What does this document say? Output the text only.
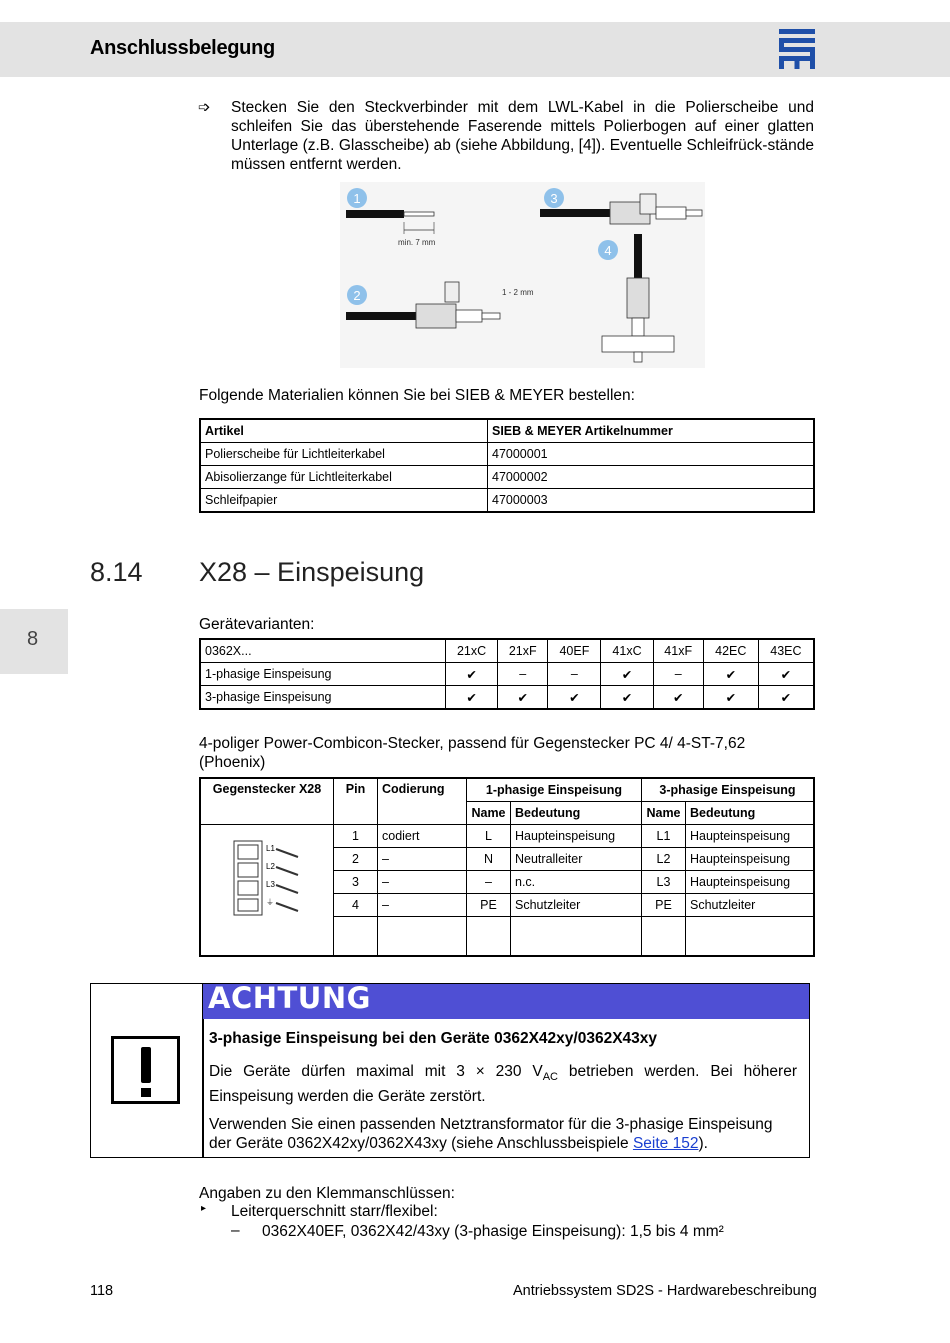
Anschlussbelegung
➩ Stecken Sie den Steckverbinder mit dem LWL-Kabel in die Polierscheibe und schleifen Sie das überstehende Faserende mittels Polierbogen auf einer glatten Unterlage (z.B. Glasscheibe) ab (siehe Abbildung, [4]). Eventuelle Schleifrück-stände müssen entfernt werden.
1
min. 7 mm
2	1 - 2 mm
3
4
Folgende Materialien können Sie bei SIEB & MEYER bestellen:
Artikel	SIEB & MEYER Artikelnummer
Polierscheibe für Lichtleiterkabel	47000001
Abisolierzange für Lichtleiterkabel	47000002
Schleifpapier	47000003
8.14 X28 – Einspeisung
8
Gerätevarianten:
0362X...	21xC	21xF	40EF	41xC	41xF	42EC	43EC
1-phasige Einspeisung	✔	–	–	✔	–	✔	✔
3-phasige Einspeisung	✔	✔	✔	✔	✔	✔	✔
4-poliger Power-Combicon-Stecker, passend für Gegenstecker PC 4/ 4-ST-7,62 (Phoenix)
Gegenstecker X28	Pin	Codierung	1-phasige Einspeisung		3-phasige Einspeisung	
			Name	Bedeutung	Name	Bedeutung

L1
L2
L3
⏚	1	codiert	L	Haupteinspeisung	L1	Haupteinspeisung
	2	–	N	Neutralleiter	L2	Haupteinspeisung
	3	–	–	n.c.	L3	Haupteinspeisung
	4	–	PE	Schutzleiter	PE	Schutzleiter

ACHTUNG
3-phasige Einspeisung bei den Geräte 0362X42xy/0362X43xy
Die Geräte dürfen maximal mit 3 × 230 $V_{AC}$ betrieben werden. Bei höherer Einspeisung werden die Geräte zerstört.
Verwenden Sie einen passenden Netztransformator für die 3-phasige Einspeisung der Geräte 0362X42xy/0362X43xy (siehe Anschlussbeispiele Seite 152).
Angaben zu den Klemmanschlüssen:
▸ Leiterquerschnitt starr/flexibel:
– 0362X40EF, 0362X42/43xy (3-phasige Einspeisung): 1,5 bis 4 mm²
118	Antriebssystem SD2S - Hardwarebeschreibung
